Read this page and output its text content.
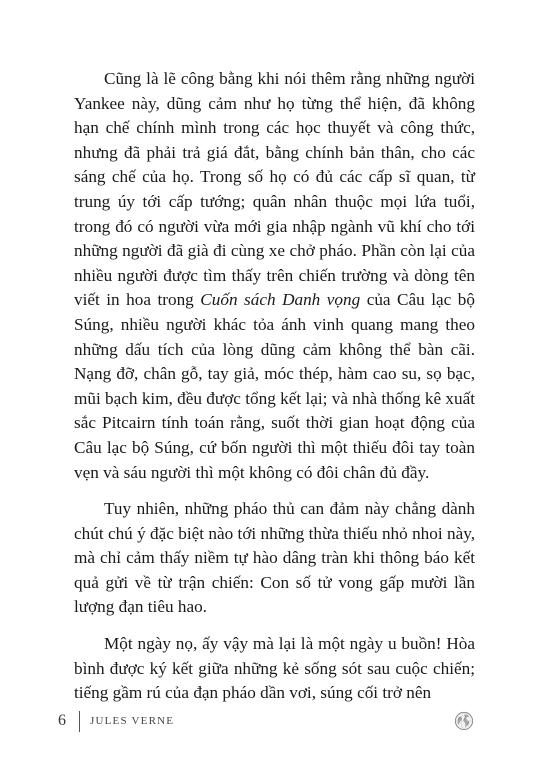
Cũng là lẽ công bằng khi nói thêm rằng những người Yankee này, dũng cảm như họ từng thể hiện, đã không hạn chế chính mình trong các học thuyết và công thức, nhưng đã phải trả giá đắt, bằng chính bản thân, cho các sáng chế của họ. Trong số họ có đủ các cấp sĩ quan, từ trung úy tới cấp tướng; quân nhân thuộc mọi lứa tuổi, trong đó có người vừa mới gia nhập ngành vũ khí cho tới những người đã già đi cùng xe chở pháo. Phần còn lại của nhiều người được tìm thấy trên chiến trường và dòng tên viết in hoa trong Cuốn sách Danh vọng của Câu lạc bộ Súng, nhiều người khác tỏa ánh vinh quang mang theo những dấu tích của lòng dũng cảm không thể bàn cãi. Nạng đỡ, chân gỗ, tay giả, móc thép, hàm cao su, sọ bạc, mũi bạch kim, đều được tổng kết lại; và nhà thống kê xuất sắc Pitcairn tính toán rằng, suốt thời gian hoạt động của Câu lạc bộ Súng, cứ bốn người thì một thiếu đôi tay toàn vẹn và sáu người thì một không có đôi chân đủ đầy.

Tuy nhiên, những pháo thủ can đảm này chẳng dành chút chú ý đặc biệt nào tới những thừa thiếu nhỏ nhoi này, mà chỉ cảm thấy niềm tự hào dâng tràn khi thông báo kết quả gửi về từ trận chiến: Con số tử vong gấp mười lần lượng đạn tiêu hao.

Một ngày nọ, ấy vậy mà lại là một ngày u buồn! Hòa bình được ký kết giữa những kẻ sống sót sau cuộc chiến; tiếng gầm rú của đạn pháo dần vơi, súng cối trở nên

6 JULES VERNE
